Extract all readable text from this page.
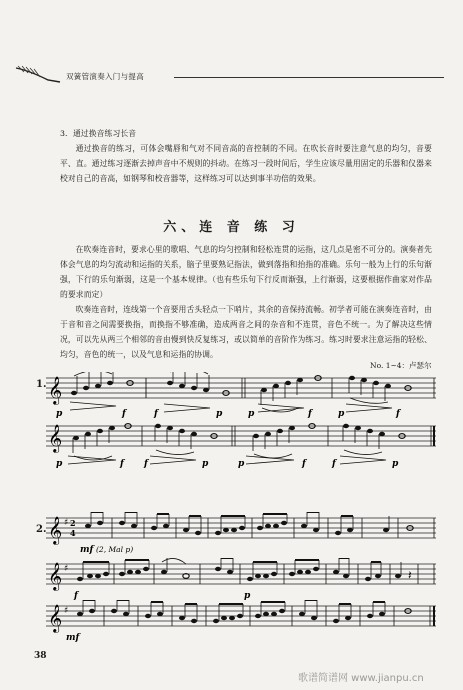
双簧管演奏入门与提高
3．通过换音练习长音
通过换音的练习，可体会嘴唇和气对不同音高的音控制的不同。在吹长音时要注意气息的均匀，音要平、直。通过练习逐渐去掉声音中不规则的抖动。在练习一段时间后，学生应该尽量用固定的乐器和仪器来校对自己的音高，如钢琴和校音器等，这样练习可以达到事半功倍的效果。
六、连 音 练 习
在吹奏连音时，要求心里的歌唱、气息的均匀控制和轻松连贯的运指，这几点是密不可分的。演奏者先体会气息的均匀流动和运指的关系，脑子里要熟记指法，做到落指和抬指的准确。乐句一般为上行的乐句渐强，下行的乐句渐弱，这是一个基本规律。（也有些乐句下行反而渐强，上行渐弱，这要根据作曲家对作品的要求而定）
吹奏连音时，连线第一个音要用舌头轻点一下哨片，其余的音保持流畅。初学者可能在演奏连音时，由于音和音之间需要换指，而换指不够准确，造成两音之间的杂音和不连贯，音色不统一。为了解决这些情况，可以先从两三个相邻的音由慢到快反复练习，或以简单的音阶作为练习。练习时要求注意运指的轻松、均匀，音色的统一，以及气息和运指的协调。
No. 1~4：卢瑟尔
1. 𝄞
p	f	f	p	p	f	p	f
𝄞
p	f f	p	p	f	f	p
2. 𝄞 ♯ 2
4
mf (2, Mal p)
𝄞 ♯	𝄽
f	p
𝄞 ♯
mf
38
歌谱简谱网 www.jianpu.cn
